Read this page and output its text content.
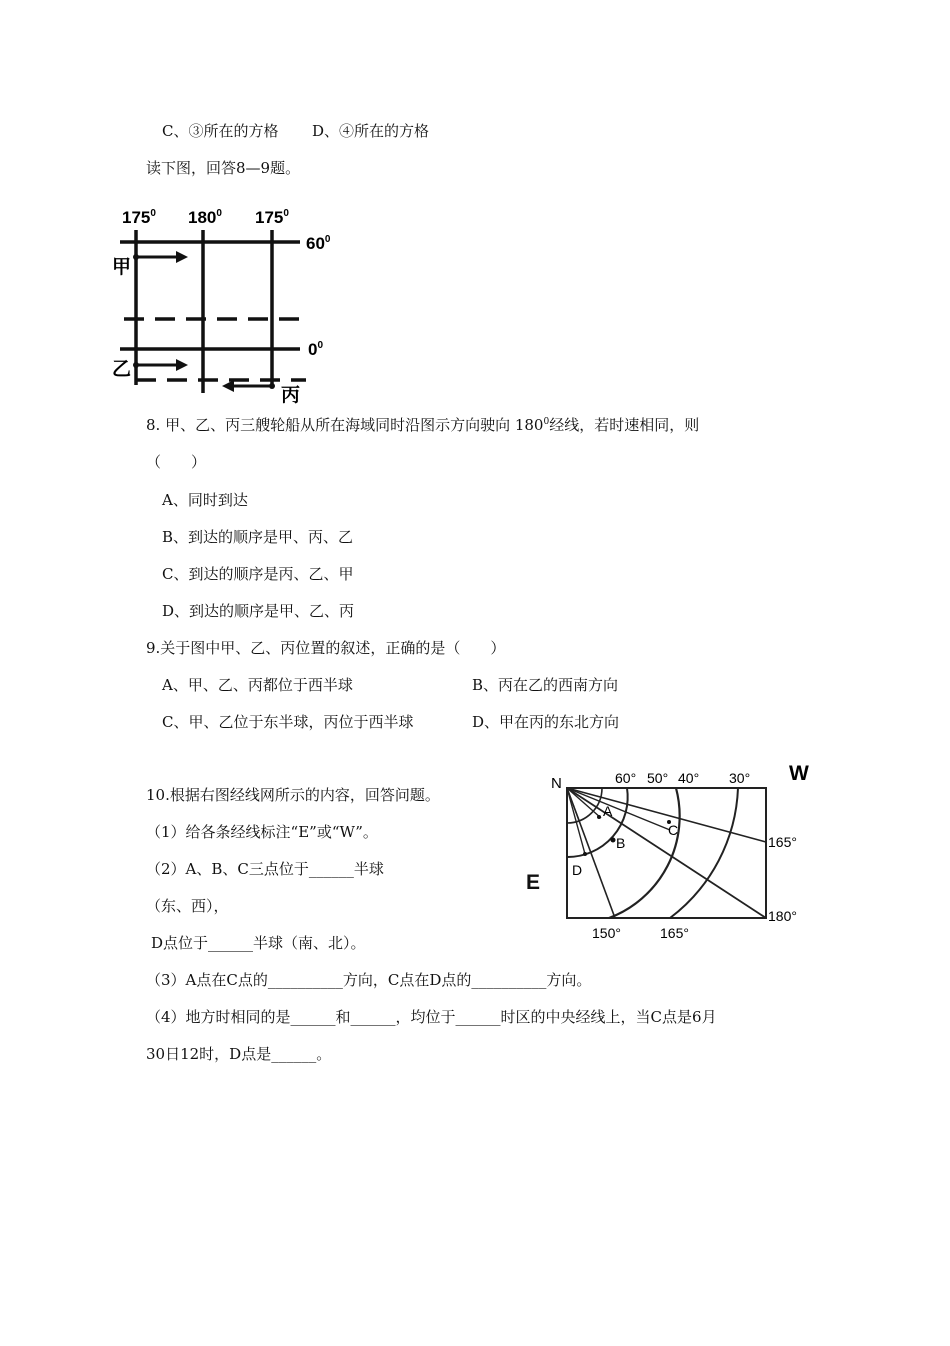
C、③所在的方格 D、④所在的方格
读下图，回答8—9题。
$175^0$ $180^0$ $175^0$
$60^0$
$0^0$
甲
乙
丙
8. 甲、乙、丙三艘轮船从所在海域同时沿图示方向驶向 $180^0$经线，若时速相同，则
（　　）
A、同时到达
B、到达的顺序是甲、丙、乙
C、到达的顺序是丙、乙、甲
D、到达的顺序是甲、乙、丙
9.关于图中甲、乙、丙位置的叙述，正确的是（　　）
A、甲、乙、丙都位于西半球	B、丙在乙的西南方向
C、甲、乙位于东半球，丙位于西半球	D、甲在丙的东北方向
W
N	60° 50° 40° 30°
165°
180°
150°	165°
A
B
C
D
E
10.根据右图经线网所示的内容，回答问题。
（1）给各条经线标注“E”或“W”。
（2）A、B、C三点位于______半球
（东、西），
D点位于______半球（南、北）。
（3）A点在C点的__________方向，C点在D点的__________方向。
（4）地方时相同的是______和______，均位于______时区的中央经线上，当C点是6月
30日12时，D点是______。
